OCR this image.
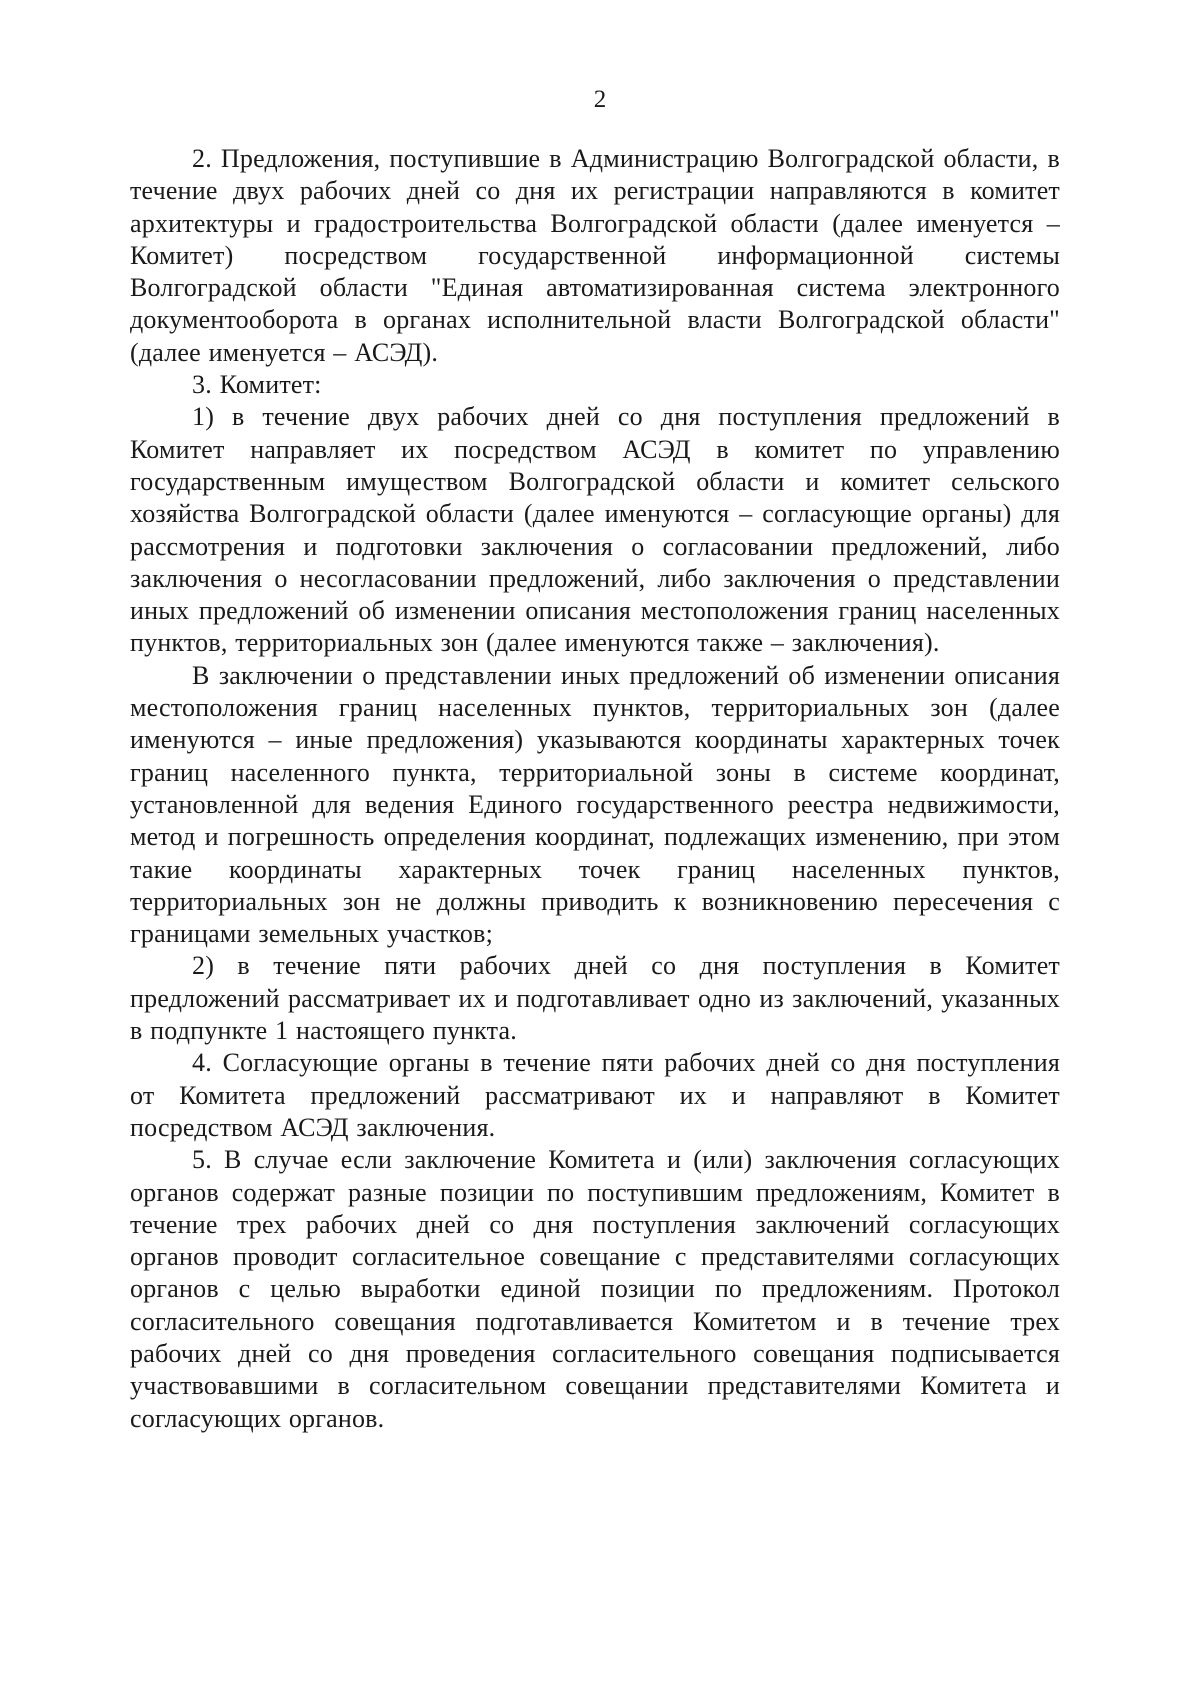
2

2. Предложения, поступившие в Администрацию Волгоградской области, в течение двух рабочих дней со дня их регистрации направляются в комитет архитектуры и градостроительства Волгоградской области (далее именуется – Комитет) посредством государственной информационной системы Волгоградской области "Единая автоматизированная система электронного документооборота в органах исполнительной власти Волгоградской области" (далее именуется – АСЭД).

3. Комитет:

1) в течение двух рабочих дней со дня поступления предложений в Комитет направляет их посредством АСЭД в комитет по управлению государственным имуществом Волгоградской области и комитет сельского хозяйства Волгоградской области (далее именуются – согласующие органы) для рассмотрения и подготовки заключения о согласовании предложений, либо заключения о несогласовании предложений, либо заключения о представлении иных предложений об изменении описания местоположения границ населенных пунктов, территориальных зон (далее именуются также – заключения).

В заключении о представлении иных предложений об изменении описания местоположения границ населенных пунктов, территориальных зон (далее именуются – иные предложения) указываются координаты характерных точек границ населенного пункта, территориальной зоны в системе координат, установленной для ведения Единого государственного реестра недвижимости, метод и погрешность определения координат, подлежащих изменению, при этом такие координаты характерных точек границ населенных пунктов, территориальных зон не должны приводить к возникновению пересечения с границами земельных участков;

2) в течение пяти рабочих дней со дня поступления в Комитет предложений рассматривает их и подготавливает одно из заключений, указанных в подпункте 1 настоящего пункта.

4. Согласующие органы в течение пяти рабочих дней со дня поступления от Комитета предложений рассматривают их и направляют в Комитет посредством АСЭД заключения.

5. В случае если заключение Комитета и (или) заключения согласующих органов содержат разные позиции по поступившим предложениям, Комитет в течение трех рабочих дней со дня поступления заключений согласующих органов проводит согласительное совещание с представителями согласующих органов с целью выработки единой позиции по предложениям. Протокол согласительного совещания подготавливается Комитетом и в течение трех рабочих дней со дня проведения согласительного совещания подписывается участвовавшими в согласительном совещании представителями Комитета и согласующих органов.
